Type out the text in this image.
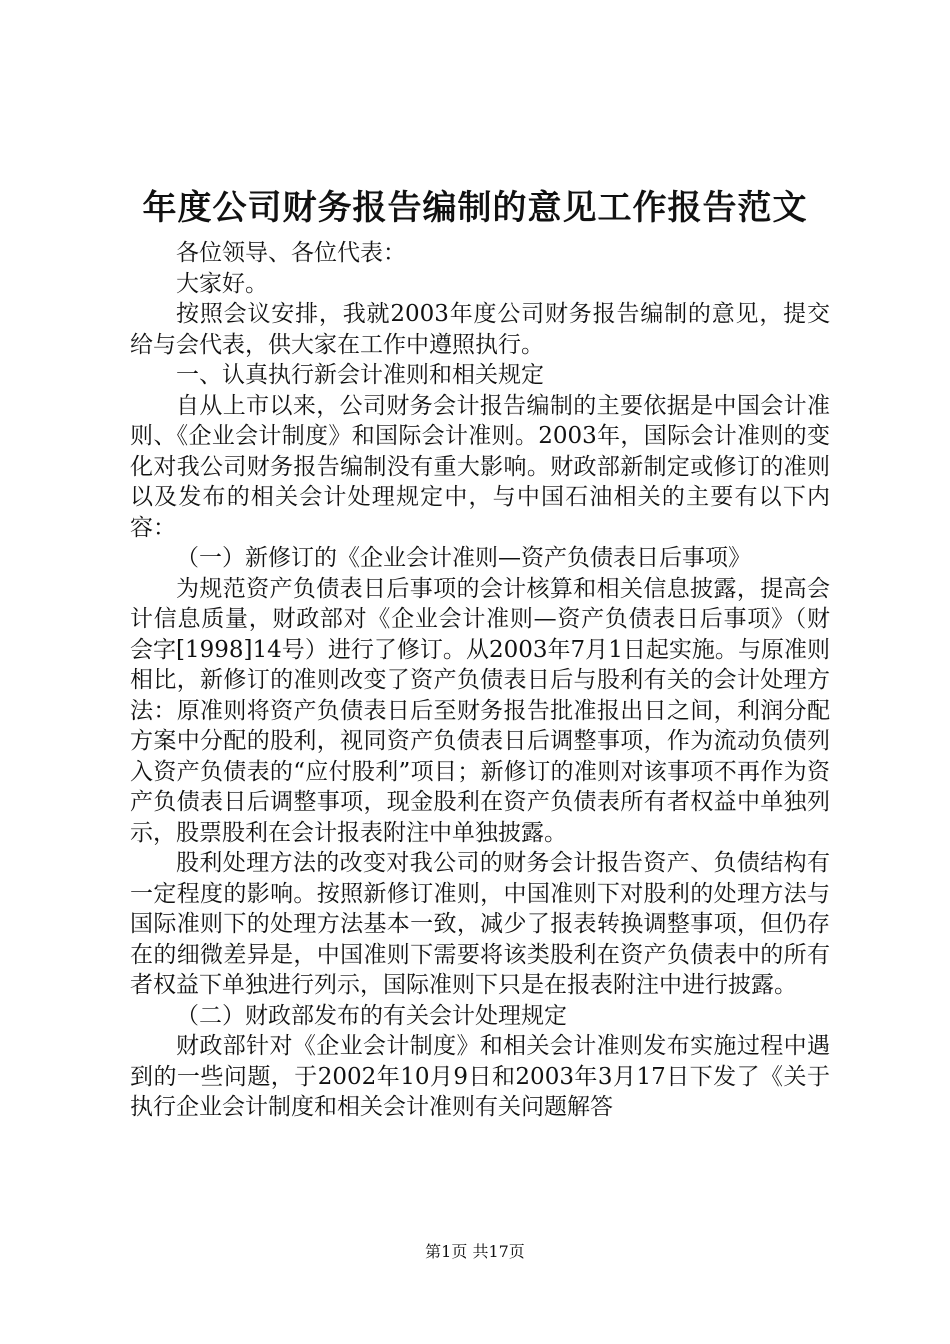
年度公司财务报告编制的意见工作报告范文

各位领导、各位代表：

大家好。

按照会议安排，我就2003年度公司财务报告编制的意见，提交给与会代表，供大家在工作中遵照执行。

一、认真执行新会计准则和相关规定

自从上市以来，公司财务会计报告编制的主要依据是中国会计准则、《企业会计制度》和国际会计准则。2003年，国际会计准则的变化对我公司财务报告编制没有重大影响。财政部新制定或修订的准则以及发布的相关会计处理规定中，与中国石油相关的主要有以下内容：

（一）新修订的《企业会计准则—资产负债表日后事项》

为规范资产负债表日后事项的会计核算和相关信息披露，提高会计信息质量，财政部对《企业会计准则—资产负债表日后事项》（财会字[1998]14号）进行了修订。从2003年7月1日起实施。与原准则相比，新修订的准则改变了资产负债表日后与股利有关的会计处理方法：原准则将资产负债表日后至财务报告批准报出日之间，利润分配方案中分配的股利，视同资产负债表日后调整事项，作为流动负债列入资产负债表的“应付股利”项目；新修订的准则对该事项不再作为资产负债表日后调整事项，现金股利在资产负债表所有者权益中单独列示，股票股利在会计报表附注中单独披露。

股利处理方法的改变对我公司的财务会计报告资产、负债结构有一定程度的影响。按照新修订准则，中国准则下对股利的处理方法与国际准则下的处理方法基本一致，减少了报表转换调整事项，但仍存在的细微差异是，中国准则下需要将该类股利在资产负债表中的所有者权益下单独进行列示，国际准则下只是在报表附注中进行披露。

（二）财政部发布的有关会计处理规定

财政部针对《企业会计制度》和相关会计准则发布实施过程中遇到的一些问题，于2002年10月9日和2003年3月17日下发了《关于执行企业会计制度和相关会计准则有关问题解答

第1页 共17页
